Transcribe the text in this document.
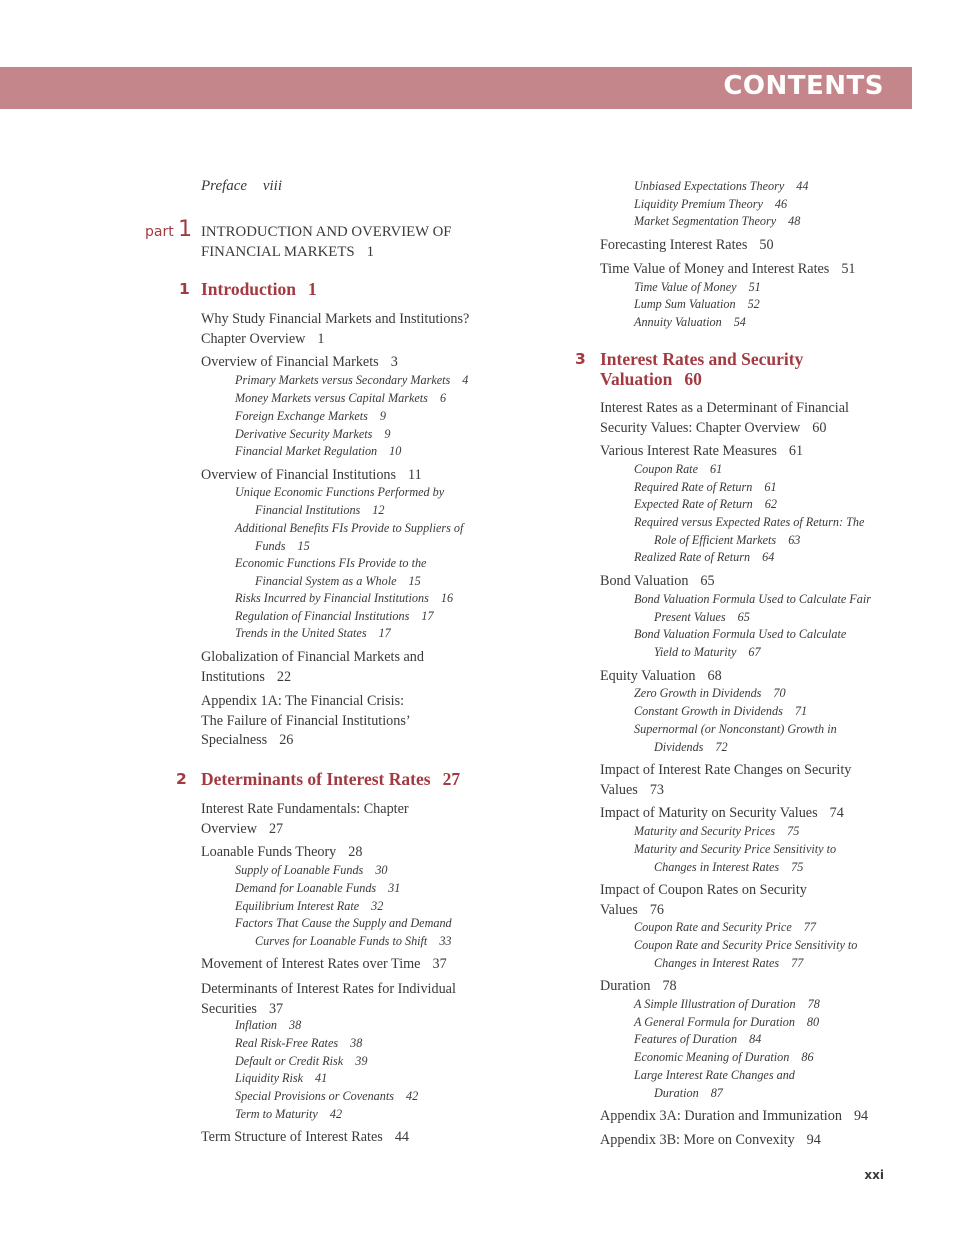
CONTENTS
Preface viii
part 1 INTRODUCTION AND OVERVIEW OF
FINANCIAL MARKETS 1
1 Introduction 1
2 Determinants of Interest Rates 27
3 Interest Rates and Security
Valuation 60
Why Study Financial Markets and Institutions?
Chapter Overview 1
Overview of Financial Markets 3
Primary Markets versus Secondary Markets 4
Money Markets versus Capital Markets 6
Foreign Exchange Markets 9
Derivative Security Markets 9
Financial Market Regulation 10
Overview of Financial Institutions 11
Unique Economic Functions Performed by
Financial Institutions 12
Additional Benefits FIs Provide to Suppliers of
Funds 15
Economic Functions FIs Provide to the
Financial System as a Whole 15
Risks Incurred by Financial Institutions 16
Regulation of Financial Institutions 17
Trends in the United States 17
Globalization of Financial Markets and
Institutions 22
Appendix 1A: The Financial Crisis:
The Failure of Financial Institutions’
Specialness 26
Interest Rate Fundamentals: Chapter
Overview 27
Loanable Funds Theory 28
Supply of Loanable Funds 30
Demand for Loanable Funds 31
Equilibrium Interest Rate 32
Factors That Cause the Supply and Demand
Curves for Loanable Funds to Shift 33
Movement of Interest Rates over Time 37
Determinants of Interest Rates for Individual
Securities 37
Inflation 38
Real Risk-Free Rates 38
Default or Credit Risk 39
Liquidity Risk 41
Special Provisions or Covenants 42
Term to Maturity 42
Term Structure of Interest Rates 44
Unbiased Expectations Theory 44
Liquidity Premium Theory 46
Market Segmentation Theory 48
Forecasting Interest Rates 50
Time Value of Money and Interest Rates 51
Time Value of Money 51
Lump Sum Valuation 52
Annuity Valuation 54
Interest Rates as a Determinant of Financial
Security Values: Chapter Overview 60
Various Interest Rate Measures 61
Coupon Rate 61
Required Rate of Return 61
Expected Rate of Return 62
Required versus Expected Rates of Return: The
Role of Efficient Markets 63
Realized Rate of Return 64
Bond Valuation 65
Bond Valuation Formula Used to Calculate Fair
Present Values 65
Bond Valuation Formula Used to Calculate
Yield to Maturity 67
Equity Valuation 68
Zero Growth in Dividends 70
Constant Growth in Dividends 71
Supernormal (or Nonconstant) Growth in
Dividends 72
Impact of Interest Rate Changes on Security
Values 73
Impact of Maturity on Security Values 74
Maturity and Security Prices 75
Maturity and Security Price Sensitivity to
Changes in Interest Rates 75
Impact of Coupon Rates on Security
Values 76
Coupon Rate and Security Price 77
Coupon Rate and Security Price Sensitivity to
Changes in Interest Rates 77
Duration 78
A Simple Illustration of Duration 78
A General Formula for Duration 80
Features of Duration 84
Economic Meaning of Duration 86
Large Interest Rate Changes and
Duration 87
Appendix 3A: Duration and Immunization 94
Appendix 3B: More on Convexity 94
xxi
